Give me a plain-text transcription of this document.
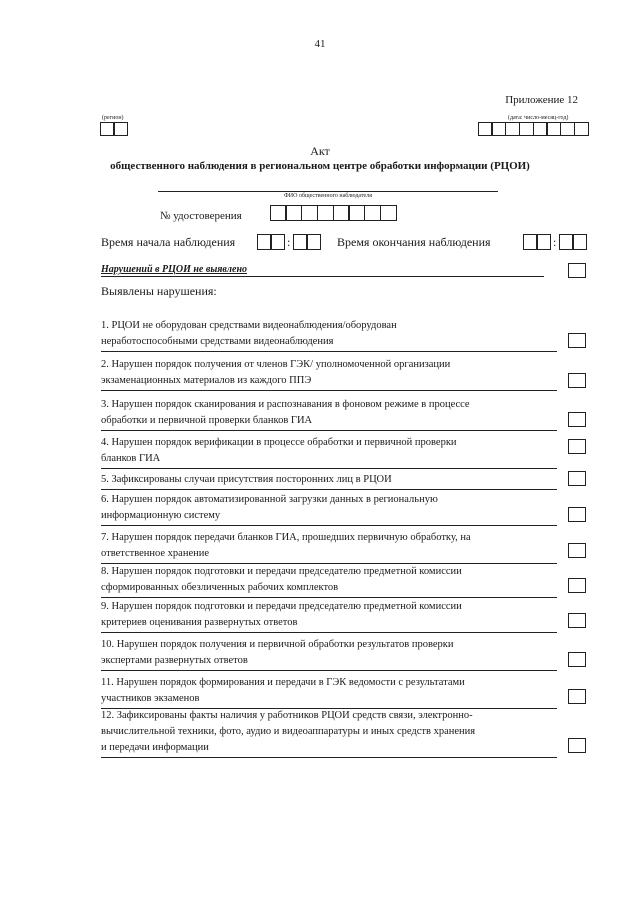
41
Приложение 12
(регион)	(дата: число-месяц-год)
Акт
общественного наблюдения в региональном центре обработки информации (РЦОИ)
ФИО общественного наблюдателя
№ удостоверения
Время начала наблюдения	:	Время окончания наблюдения	:
Нарушений в РЦОИ не выявлено
Выявлены нарушения:
1. РЦОИ не оборудован средствами видеонаблюдения/оборудован
неработоспособными средствами видеонаблюдения
2. Нарушен порядок получения от членов ГЭК/ уполномоченной организации
экзаменационных материалов из каждого ППЭ
3. Нарушен порядок сканирования и распознавания в фоновом режиме в процессе
обработки и первичной проверки бланков ГИА
4. Нарушен порядок верификации в процессе обработки и первичной проверки
бланков ГИА
5. Зафиксированы случаи присутствия посторонних лиц в РЦОИ
6. Нарушен порядок автоматизированной загрузки данных в региональную
информационную систему
7. Нарушен порядок передачи бланков ГИА, прошедших первичную обработку, на
ответственное хранение
8. Нарушен порядок подготовки и передачи председателю предметной комиссии
сформированных обезличенных рабочих комплектов
9. Нарушен порядок подготовки и передачи председателю предметной комиссии
критериев оценивания развернутых ответов
10. Нарушен порядок получения и первичной обработки результатов проверки
экспертами развернутых ответов
11. Нарушен порядок формирования и передачи в ГЭК ведомости с результатами
участников экзаменов
12. Зафиксированы факты наличия у работников РЦОИ средств связи, электронно-
вычислительной техники, фото, аудио и видеоаппаратуры и иных средств хранения
и передачи информации
